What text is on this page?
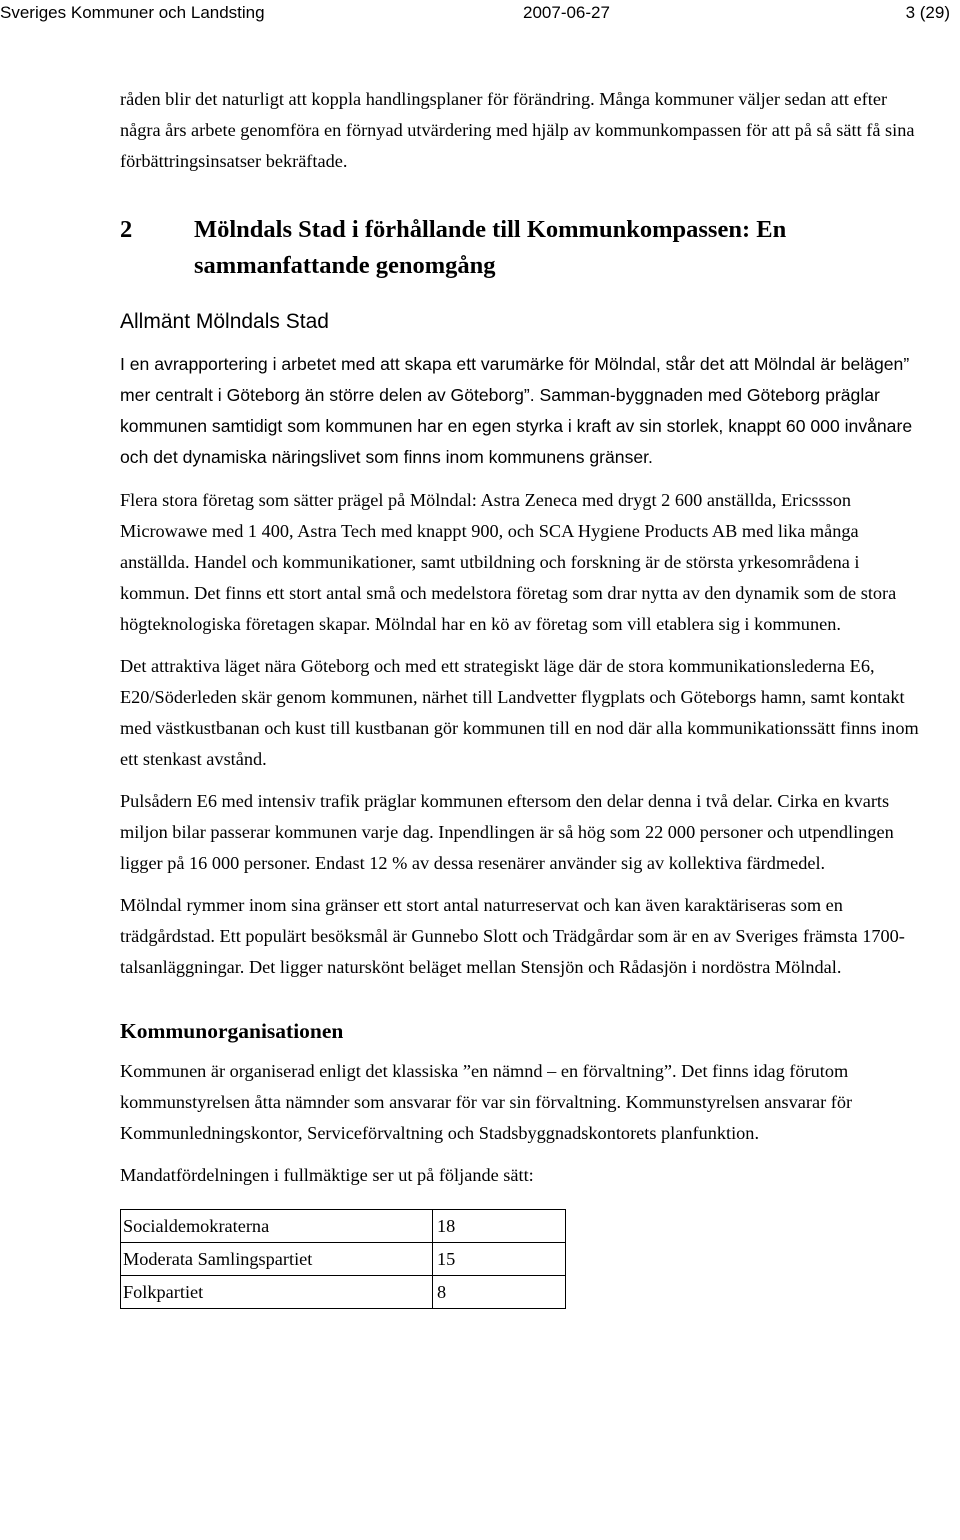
Sveriges Kommuner och Landsting	2007-06-27	3 (29)

råden blir det naturligt att koppla handlingsplaner för förändring. Många kommuner väljer sedan att efter några års arbete genomföra en förnyad utvärdering med hjälp av kommunkompassen för att på så sätt få sina förbättringsinsatser bekräftade.

2	Mölndals Stad i förhållande till Kommunkompassen: En sammanfattande genomgång
Allmänt Mölndals Stad

I en avrapportering i arbetet med att skapa ett varumärke för Mölndal, står det att Mölndal är belägen” mer centralt i Göteborg än större delen av Göteborg”. Samman-byggnaden med Göteborg präglar kommunen samtidigt som kommunen har en egen styrka i kraft av sin storlek, knappt 60 000 invånare och det dynamiska näringslivet som finns inom kommunens gränser.

Flera stora företag som sätter prägel på Mölndal: Astra Zeneca med drygt 2 600 anställda, Ericssson Microwawe med 1 400, Astra Tech med knappt 900, och SCA Hygiene Products AB med lika många anställda. Handel och kommunikationer, samt utbildning och forskning är de största yrkesområdena i kommun. Det finns ett stort antal små och medelstora företag som drar nytta av den dynamik som de stora högteknologiska företagen skapar. Mölndal har en kö av företag som vill etablera sig i kommunen.

Det attraktiva läget nära Göteborg och med ett strategiskt läge där de stora kommunikationslederna E6, E20/Söderleden skär genom kommunen, närhet till Landvetter flygplats och Göteborgs hamn, samt kontakt med västkustbanan och kust till kustbanan gör kommunen till en nod där alla kommunikationssätt finns inom ett stenkast avstånd.

Pulsådern E6 med intensiv trafik präglar kommunen eftersom den delar denna i två delar. Cirka en kvarts miljon bilar passerar kommunen varje dag. Inpendlingen är så hög som 22 000 personer och utpendlingen ligger på 16 000 personer. Endast 12 % av dessa resenärer använder sig av kollektiva färdmedel.

Mölndal rymmer inom sina gränser ett stort antal naturreservat och kan även karaktäriseras som en trädgårdstad. Ett populärt besöksmål är Gunnebo Slott och Trädgårdar som är en av Sveriges främsta 1700-talsanläggningar. Det ligger naturskönt beläget mellan Stensjön och Rådasjön i nordöstra Mölndal.

Kommunorganisationen

Kommunen är organiserad enligt det klassiska ”en nämnd – en förvaltning”. Det finns idag förutom kommunstyrelsen åtta nämnder som ansvarar för var sin förvaltning. Kommunstyrelsen ansvarar för Kommunledningskontor, Serviceförvaltning och Stadsbyggnadskontorets planfunktion.

Mandatfördelningen i fullmäktige ser ut på följande sätt:

Socialdemokraterna	18
Moderata Samlingspartiet	15
Folkpartiet	8
